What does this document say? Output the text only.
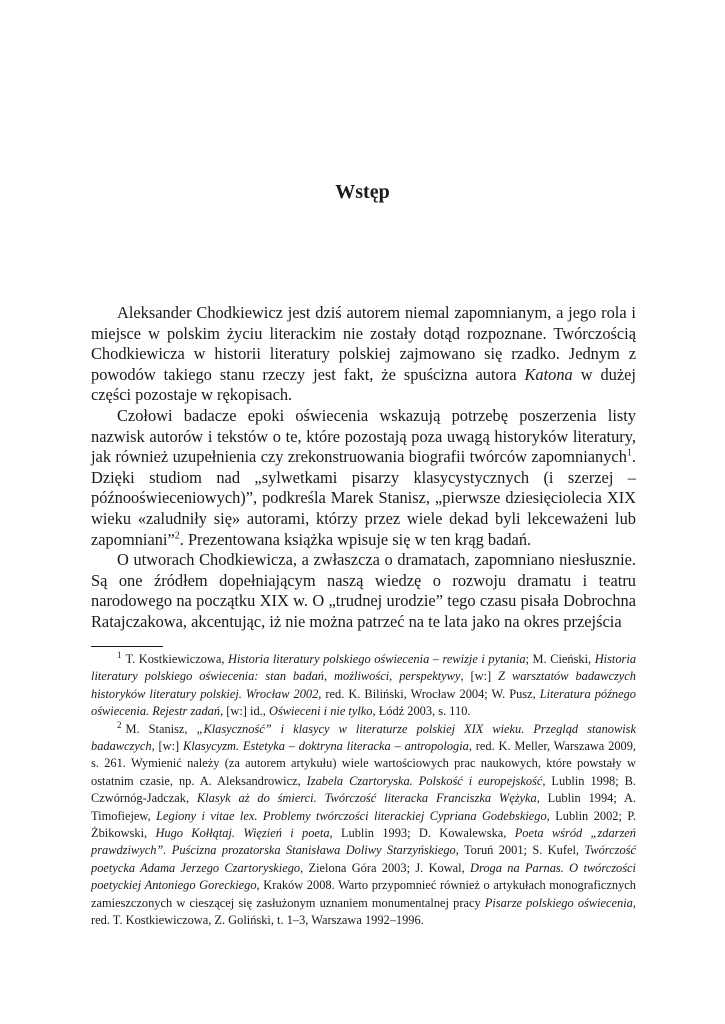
Wstęp

Aleksander Chodkiewicz jest dziś autorem niemal zapomnianym, a jego rola i miejsce w polskim życiu literackim nie zostały dotąd rozpoznane. Twórczością Chodkiewicza w historii literatury polskiej zajmowano się rzadko. Jednym z powodów takiego stanu rzeczy jest fakt, że spuścizna autora Katona w dużej części pozostaje w rękopisach.

Czołowi badacze epoki oświecenia wskazują potrzebę poszerzenia listy nazwisk autorów i tekstów o te, które pozostają poza uwagą historyków literatury, jak również uzupełnienia czy zrekonstruowania biografii twórców zapomnianych$^1$. Dzięki studiom nad „sylwetkami pisarzy klasycystycznych (i szerzej – późnooświeceniowych)”, podkreśla Marek Stanisz, „pierwsze dziesięciolecia XIX wieku «zaludniły się» autorami, którzy przez wiele dekad byli lekceważeni lub zapomniani”$^2$. Prezentowana książka wpisuje się w ten krąg badań.

O utworach Chodkiewicza, a zwłaszcza o dramatach, zapomniano niesłusznie. Są one źródłem dopełniającym naszą wiedzę o rozwoju dramatu i teatru narodowego na początku XIX w. O „trudnej urodzie” tego czasu pisała Dobrochna Ratajczakowa, akcentując, iż nie można patrzeć na te lata jako na okres przejścia

$^1$ T. Kostkiewiczowa, Historia literatury polskiego oświecenia – rewizje i pytania; M. Cieński, Historia literatury polskiego oświecenia: stan badań, możliwości, perspektywy, [w:] Z warsztatów badawczych historyków literatury polskiej. Wrocław 2002, red. K. Biliński, Wrocław 2004; W. Pusz, Literatura późnego oświecenia. Rejestr zadań, [w:] id., Oświeceni i nie tylko, Łódź 2003, s. 110.

$^2$ M. Stanisz, „Klasyczność” i klasycy w literaturze polskiej XIX wieku. Przegląd stanowisk badawczych, [w:] Klasycyzm. Estetyka – doktryna literacka – antropologia, red. K. Meller, Warszawa 2009, s. 261. Wymienić należy (za autorem artykułu) wiele wartościowych prac naukowych, które powstały w ostatnim czasie, np. A. Aleksandrowicz, Izabela Czartoryska. Polskość i europejskość, Lublin 1998; B. Czwórnóg-Jadczak, Klasyk aż do śmierci. Twórczość literacka Franciszka Wężyka, Lublin 1994; A. Timofiejew, Legiony i vitae lex. Problemy twórczości literackiej Cypriana Godebskiego, Lublin 2002; P. Żbikowski, Hugo Kołłątaj. Więzień i poeta, Lublin 1993; D. Kowalewska, Poeta wśród „zdarzeń prawdziwych”. Puścizna prozatorska Stanisława Doliwy Starzyńskiego, Toruń 2001; S. Kufel, Twórczość poetycka Adama Jerzego Czartoryskiego, Zielona Góra 2003; J. Kowal, Droga na Parnas. O twórczości poetyckiej Antoniego Goreckiego, Kraków 2008. Warto przypomnieć również o artykułach monograficznych zamieszczonych w cieszącej się zasłużonym uznaniem monumentalnej pracy Pisarze polskiego oświecenia, red. T. Kostkiewiczowa, Z. Goliński, t. 1–3, Warszawa 1992–1996.
